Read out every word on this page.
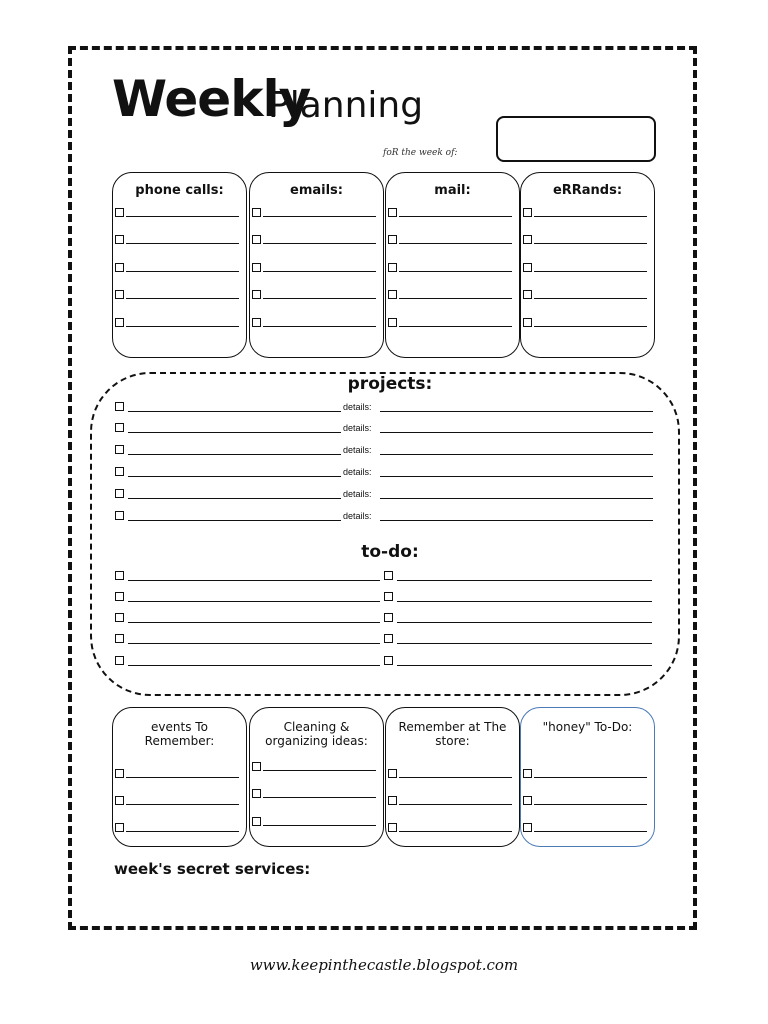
Weekly
Planning
foR the week of:
phone calls:	emails:	mail:	eRRands:
projects:
details:
details:
details:
details:
details:
details:
to-do:
events To Remember:
Cleaning & organizing ideas:
Remember at The store:
"honey" To-Do:
week's secret services:
www.keepinthecastle.blogspot.com
